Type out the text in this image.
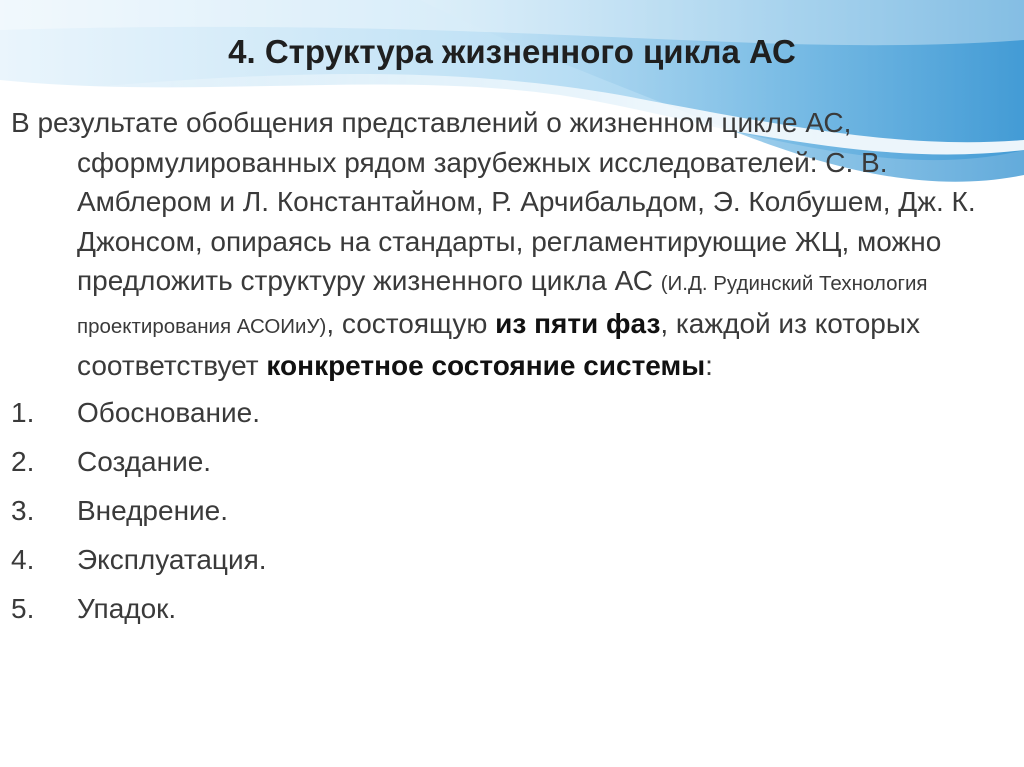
4. Структура жизненного цикла АС

В результате обобщения представлений о жизненном цикле АС, сформулированных рядом зарубежных исследователей: С. В. Амблером и Л. Константайном, Р. Арчибальдом, Э. Колбушем, Дж. К. Джонсом, опираясь на стандарты, регламентирующие ЖЦ, можно предложить структуру жизненного цикла АС (И.Д. Рудинский Технология проектирования АСОИиУ), состоящую из пяти фаз, каждой из которых соответствует конкретное состояние системы:

1. Обоснование.
2. Создание.
3. Внедрение.
4. Эксплуатация.
5. Упадок.
